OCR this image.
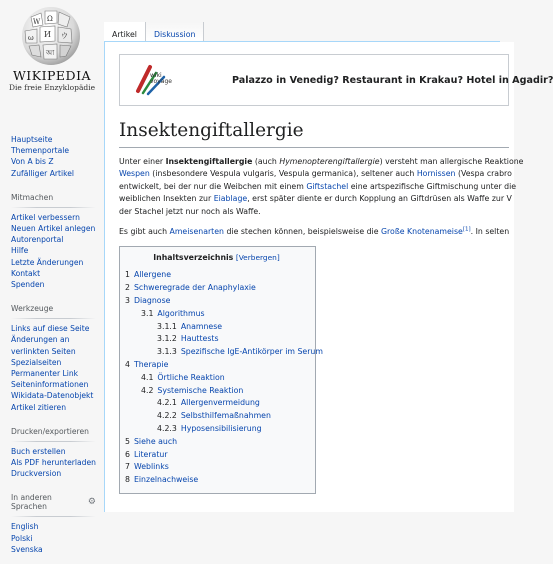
W Ω
И ウ
ω
আ
WIKIPEDIA
Die freie Enzyklopädie
Hauptseite
Themenportale
Von A bis Z
Zufälliger Artikel
Mitmachen
Artikel verbessern
Neuen Artikel anlegen
Autorenportal
Hilfe
Letzte Änderungen
Kontakt
Spenden
Werkzeuge
Links auf diese Seite
Änderungen an
verlinkten Seiten
Spezialseiten
Permanenter Link
Seiteninformationen
Wikidata-Datenobjekt
Artikel zitieren
Drucken/exportieren
Buch erstellen
Als PDF herunterladen
Druckversion
In anderen Sprachen	⚙
English
Polski
Svenska
Artikel	Diskussion
wiki
voyage	Palazzo in Venedig? Restaurant in Krakau? Hotel in Agadir?
Insektengiftallergie
Unter einer Insektengiftallergie (auch Hymenopterengiftallergie) versteht man allergische Reaktione
Wespen (insbesondere Vespula vulgaris, Vespula germanica), seltener auch Hornissen (Vespa crabro
entwickelt, bei der nur die Weibchen mit einem Giftstachel eine artspezifische Giftmischung unter die
weiblichen Insekten zur Eiablage, erst später diente er durch Kopplung an Giftdrüsen als Waffe zur V
der Stachel jetzt nur noch als Waffe.
Es gibt auch Ameisenarten die stechen können, beispielsweise die Große Knotenameise[1]. In selten
Inhaltsverzeichnis [Verbergen]
1 Allergene
2 Schweregrade der Anaphylaxie
3 Diagnose
3.1 Algorithmus
3.1.1 Anamnese
3.1.2 Hauttests
3.1.3 Spezifische IgE-Antikörper im Serum
4 Therapie
4.1 Örtliche Reaktion
4.2 Systemische Reaktion
4.2.1 Allergenvermeidung
4.2.2 Selbsthilfemaßnahmen
4.2.3 Hyposensibilisierung
5 Siehe auch
6 Literatur
7 Weblinks
8 Einzelnachweise
